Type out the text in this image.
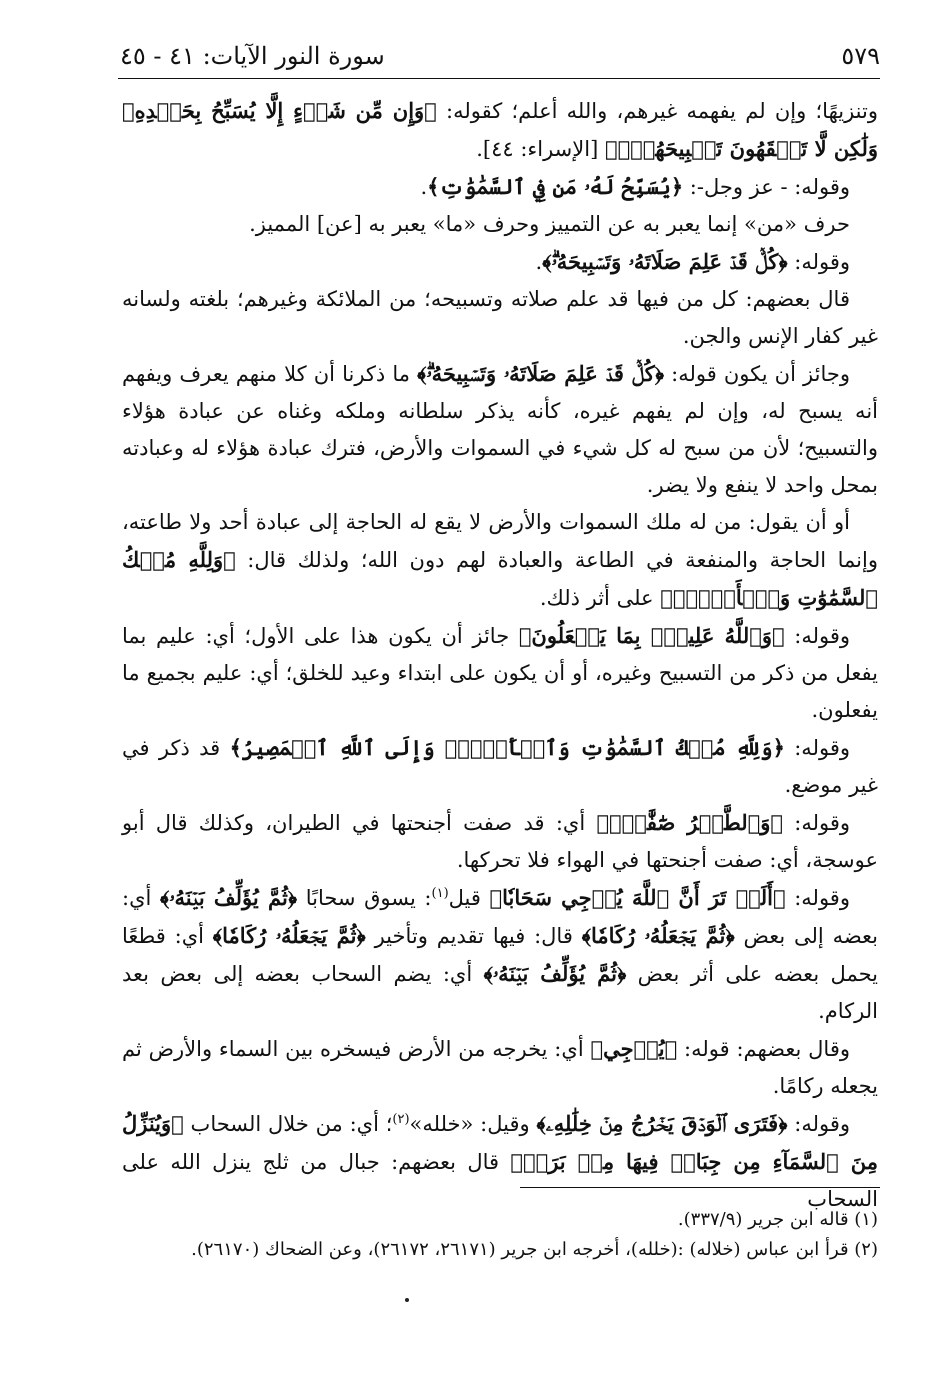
سورة النور الآيات: ٤١ - ٤٥	٥٧٩

وتنزيهًا؛ وإن لم يفهمه غيرهم، والله أعلم؛ كقوله: ﴿وَإِن مِّن شَيۡءٍ إِلَّا يُسَبِّحُ بِحَمۡدِهِۦ وَلَٰكِن لَّا تَفۡقَهُونَ تَسۡبِيحَهُمۡۚ﴾ [الإسراء: ٤٤].

وقوله: - عز وجل-: ﴿يُسَبِّحُ لَهُۥ مَن فِي ٱلسَّمَٰوَٰتِ﴾.

حرف «من» إنما يعبر به عن التمييز وحرف «ما» يعبر به [عن] المميز.

وقوله: ﴿كُلّٞ قَدۡ عَلِمَ صَلَاتَهُۥ وَتَسۡبِيحَهُۥۗ﴾.

قال بعضهم: كل من فيها قد علم صلاته وتسبيحه؛ من الملائكة وغيرهم؛ بلغته ولسانه غير كفار الإنس والجن.

وجائز أن يكون قوله: ﴿كُلّٞ قَدۡ عَلِمَ صَلَاتَهُۥ وَتَسۡبِيحَهُۥۗ﴾ ما ذكرنا أن كلا منهم يعرف ويفهم أنه يسبح له، وإن لم يفهم غيره، كأنه يذكر سلطانه وملكه وغناه عن عبادة هؤلاء والتسبيح؛ لأن من سبح له كل شيء في السموات والأرض، فترك عبادة هؤلاء له وعبادته بمحل واحد لا ينفع ولا يضر.

أو أن يقول: من له ملك السموات والأرض لا يقع له الحاجة إلى عبادة أحد ولا طاعته، وإنما الحاجة والمنفعة في الطاعة والعبادة لهم دون الله؛ ولذلك قال: ﴿وَلِلَّهِ مُلۡكُ ٱلسَّمَٰوَٰتِ وَٱلۡأَرۡضِۖ﴾ على أثر ذلك.

وقوله: ﴿وَٱللَّهُ عَلِيمُۢ بِمَا يَفۡعَلُونَ﴾ جائز أن يكون هذا على الأول؛ أي: عليم بما يفعل من ذكر من التسبيح وغيره، أو أن يكون على ابتداء وعيد للخلق؛ أي: عليم بجميع ما يفعلون.

وقوله: ﴿وَلِلَّهِ مُلۡكُ ٱلسَّمَٰوَٰتِ وَٱلۡأَرۡضِۖ وَإِلَى ٱللَّهِ ٱلۡمَصِيرُ﴾ قد ذكر في غير موضع.

وقوله: ﴿وَٱلطَّيۡرُ صَٰٓفَّٰتٖۖ﴾ أي: قد صفت أجنحتها في الطيران، وكذلك قال أبو عوسجة، أي: صفت أجنحتها في الهواء فلا تحركها.

وقوله: ﴿أَلَمۡ تَرَ أَنَّ ٱللَّهَ يُزۡجِي سَحَابٗا﴾ قيل$^{(١)}$: يسوق سحابًا ﴿ثُمَّ يُؤَلِّفُ بَيۡنَهُۥ﴾ أي: بعضه إلى بعض ﴿ثُمَّ يَجۡعَلُهُۥ رُكَامٗا﴾ قال: فيها تقديم وتأخير ﴿ثُمَّ يَجۡعَلُهُۥ رُكَامٗا﴾ أي: قطعًا يحمل بعضه على أثر بعض ﴿ثُمَّ يُؤَلِّفُ بَيۡنَهُۥ﴾ أي: يضم السحاب بعضه إلى بعض بعد الركام.

وقال بعضهم: قوله: ﴿يُزۡجِي﴾ أي: يخرجه من الأرض فيسخره بين السماء والأرض ثم يجعله ركامًا.

وقوله: ﴿فَتَرَى ٱلۡوَدۡقَ يَخۡرُجُ مِنۡ خِلَٰلِهِۦ﴾ وقيل: «خلله»$^{(٢)}$؛ أي: من خلال السحاب ﴿وَيُنَزِّلُ مِنَ ٱلسَّمَآءِ مِن جِبَالٖ فِيهَا مِنۢ بَرَدٖ﴾ قال بعضهم: جبال من ثلج ينزل الله على السحاب

(١) قاله ابن جرير (٣٣٧/٩).

(٢) قرأ ابن عباس (خلاله) :(خلله)، أخرجه ابن جرير (٢٦١٧١، ٢٦١٧٢)، وعن الضحاك (٢٦١٧٠).
